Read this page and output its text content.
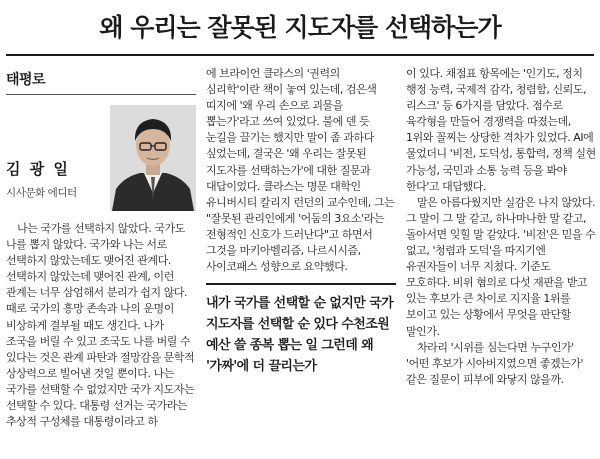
왜 우리는 잘못된 지도자를 선택하는가
태평로
김 광 일
시사문화 에디터

나는 국가를 선택하지 않았다. 국가도 나를 뽑지 않았다. 국가와 나는 서로 선택하지 않았는데도 맺어진 관계다. 선택하지 않았는데 맺어진 관계, 이런 관계는 너무 삼엄해서 분리가 쉽지 않다. 때로 국가의 흥망 존속과 나의 운명이 비상하게 결부될 때도 생긴다. 나가 조국을 버릴 수 있고 조국도 나를 버릴 수 있다는 것은 관계 파탄과 절망감을 문학적 상상력으로 빌어낸 것일 뿐이다. 나는 국가를 선택할 수 없었지만 국가 지도자는 선택할 수 있다. 대통령 선거는 국가라는 추상적 구성체를 대통령이라고 하

에 브라이언 클라스의 '권력의 심리학'이란 책이 놓여 있는데, 검은색 띠지에 '왜 우리 손으로 괴물을 뽑는가'라고 쓰여 있었다. 불에 덴 듯 눈길을 끌기는 했지만 말이 좀 과하다 싶었는데, 결국은 '왜 우리는 잘못된 지도자를 선택하는가'에 대한 질문과 대답이었다. 클라스는 명문 대학인 유니버시티 칼리지 런던의 교수인데, 그는 "잘못된 관리인에게 '어둠의 3요소'라는 전형적인 신호가 드러난다"고 하면서 그것을 마키아벨리즘, 나르시시즘, 사이코패스 성향으로 요약했다.

내가 국가를 선택할 순 없지만 국가 지도자를 선택할 순 있다 수천조원 예산 쓸 종복 뽑는 일 그런데 왜 '가짜'에 더 끌리는가

이 있다. 채점표 항목에는 '인기도, 정치 행정 능력, 국제적 감각, 청렴함, 신뢰도, 리스크' 등 6가지를 담았다. 점수로 육각형을 만들어 경쟁력을 따졌는데, 1위와 꼴찌는 상당한 격차가 있었다. AI에 물었더니 '비전, 도덕성, 통합력, 정책 실현 가능성, 국민과 소통 능력 등을 봐야 한다'고 대답했다.

말은 아름다웠지만 실감은 나지 않았다. 그 말이 그 말 같고, 하나마나한 말 같고, 돌아서면 잊힐 말 같았다. '비전'은 믿을 수 없고, '청렴과 도덕'을 따지기엔 유권자들이 너무 지쳤다. 기준도 모호하다. 비위 혐의로 다섯 재판을 받고 있는 후보가 큰 차이로 지지율 1위를 보이고 있는 상황에서 무엇을 판단할 말인가.

차라리 '시위를 심는다면 누구인가' '어떤 후보가 시아버지였으면 좋겠는가' 같은 질문이 피부에 와닿지 않을까.
